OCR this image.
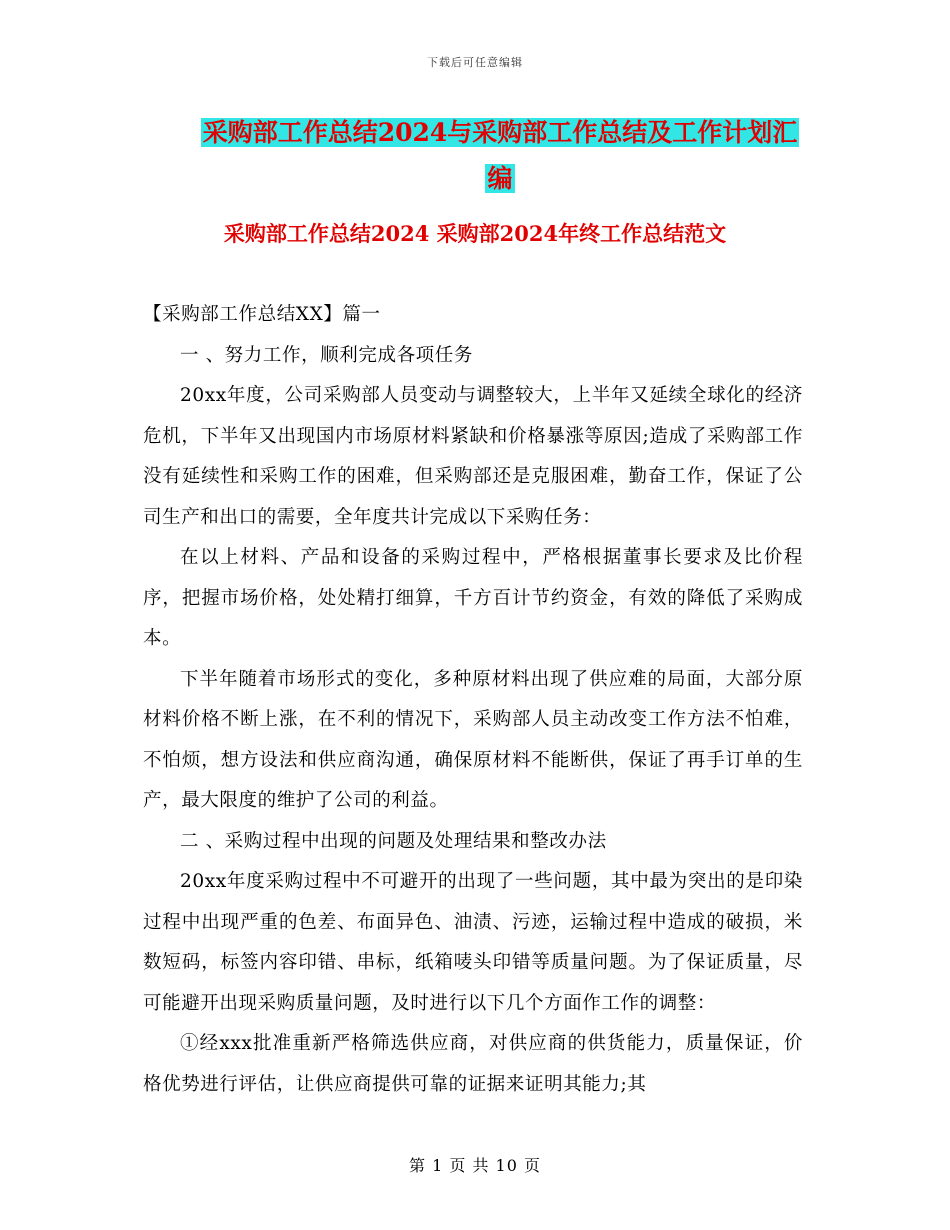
下载后可任意编辑
采购部工作总结2024与采购部工作总结及工作计划汇
编
采购部工作总结2024 采购部2024年终工作总结范文

【采购部工作总结XX】篇一

一 、努力工作，顺利完成各项任务

20xx年度，公司采购部人员变动与调整较大，上半年又延续全球化的经济危机，下半年又出现国内市场原材料紧缺和价格暴涨等原因;造成了采购部工作没有延续性和采购工作的困难，但采购部还是克服困难，勤奋工作，保证了公司生产和出口的需要，全年度共计完成以下采购任务：

在以上材料、产品和设备的采购过程中，严格根据董事长要求及比价程序，把握市场价格，处处精打细算，千方百计节约资金，有效的降低了采购成本。

下半年随着市场形式的变化，多种原材料出现了供应难的局面，大部分原材料价格不断上涨，在不利的情况下，采购部人员主动改变工作方法不怕难，不怕烦，想方设法和供应商沟通，确保原材料不能断供，保证了再手订单的生产，最大限度的维护了公司的利益。

二 、采购过程中出现的问题及处理结果和整改办法

20xx年度采购过程中不可避开的出现了一些问题，其中最为突出的是印染过程中出现严重的色差、布面异色、油渍、污迹，运输过程中造成的破损，米数短码，标签内容印错、串标，纸箱唛头印错等质量问题。为了保证质量，尽可能避开出现采购质量问题，及时进行以下几个方面作工作的调整：

①经xxx批准重新严格筛选供应商，对供应商的供货能力，质量保证，价格优势进行评估，让供应商提供可靠的证据来证明其能力;其

第 1 页 共 10 页
